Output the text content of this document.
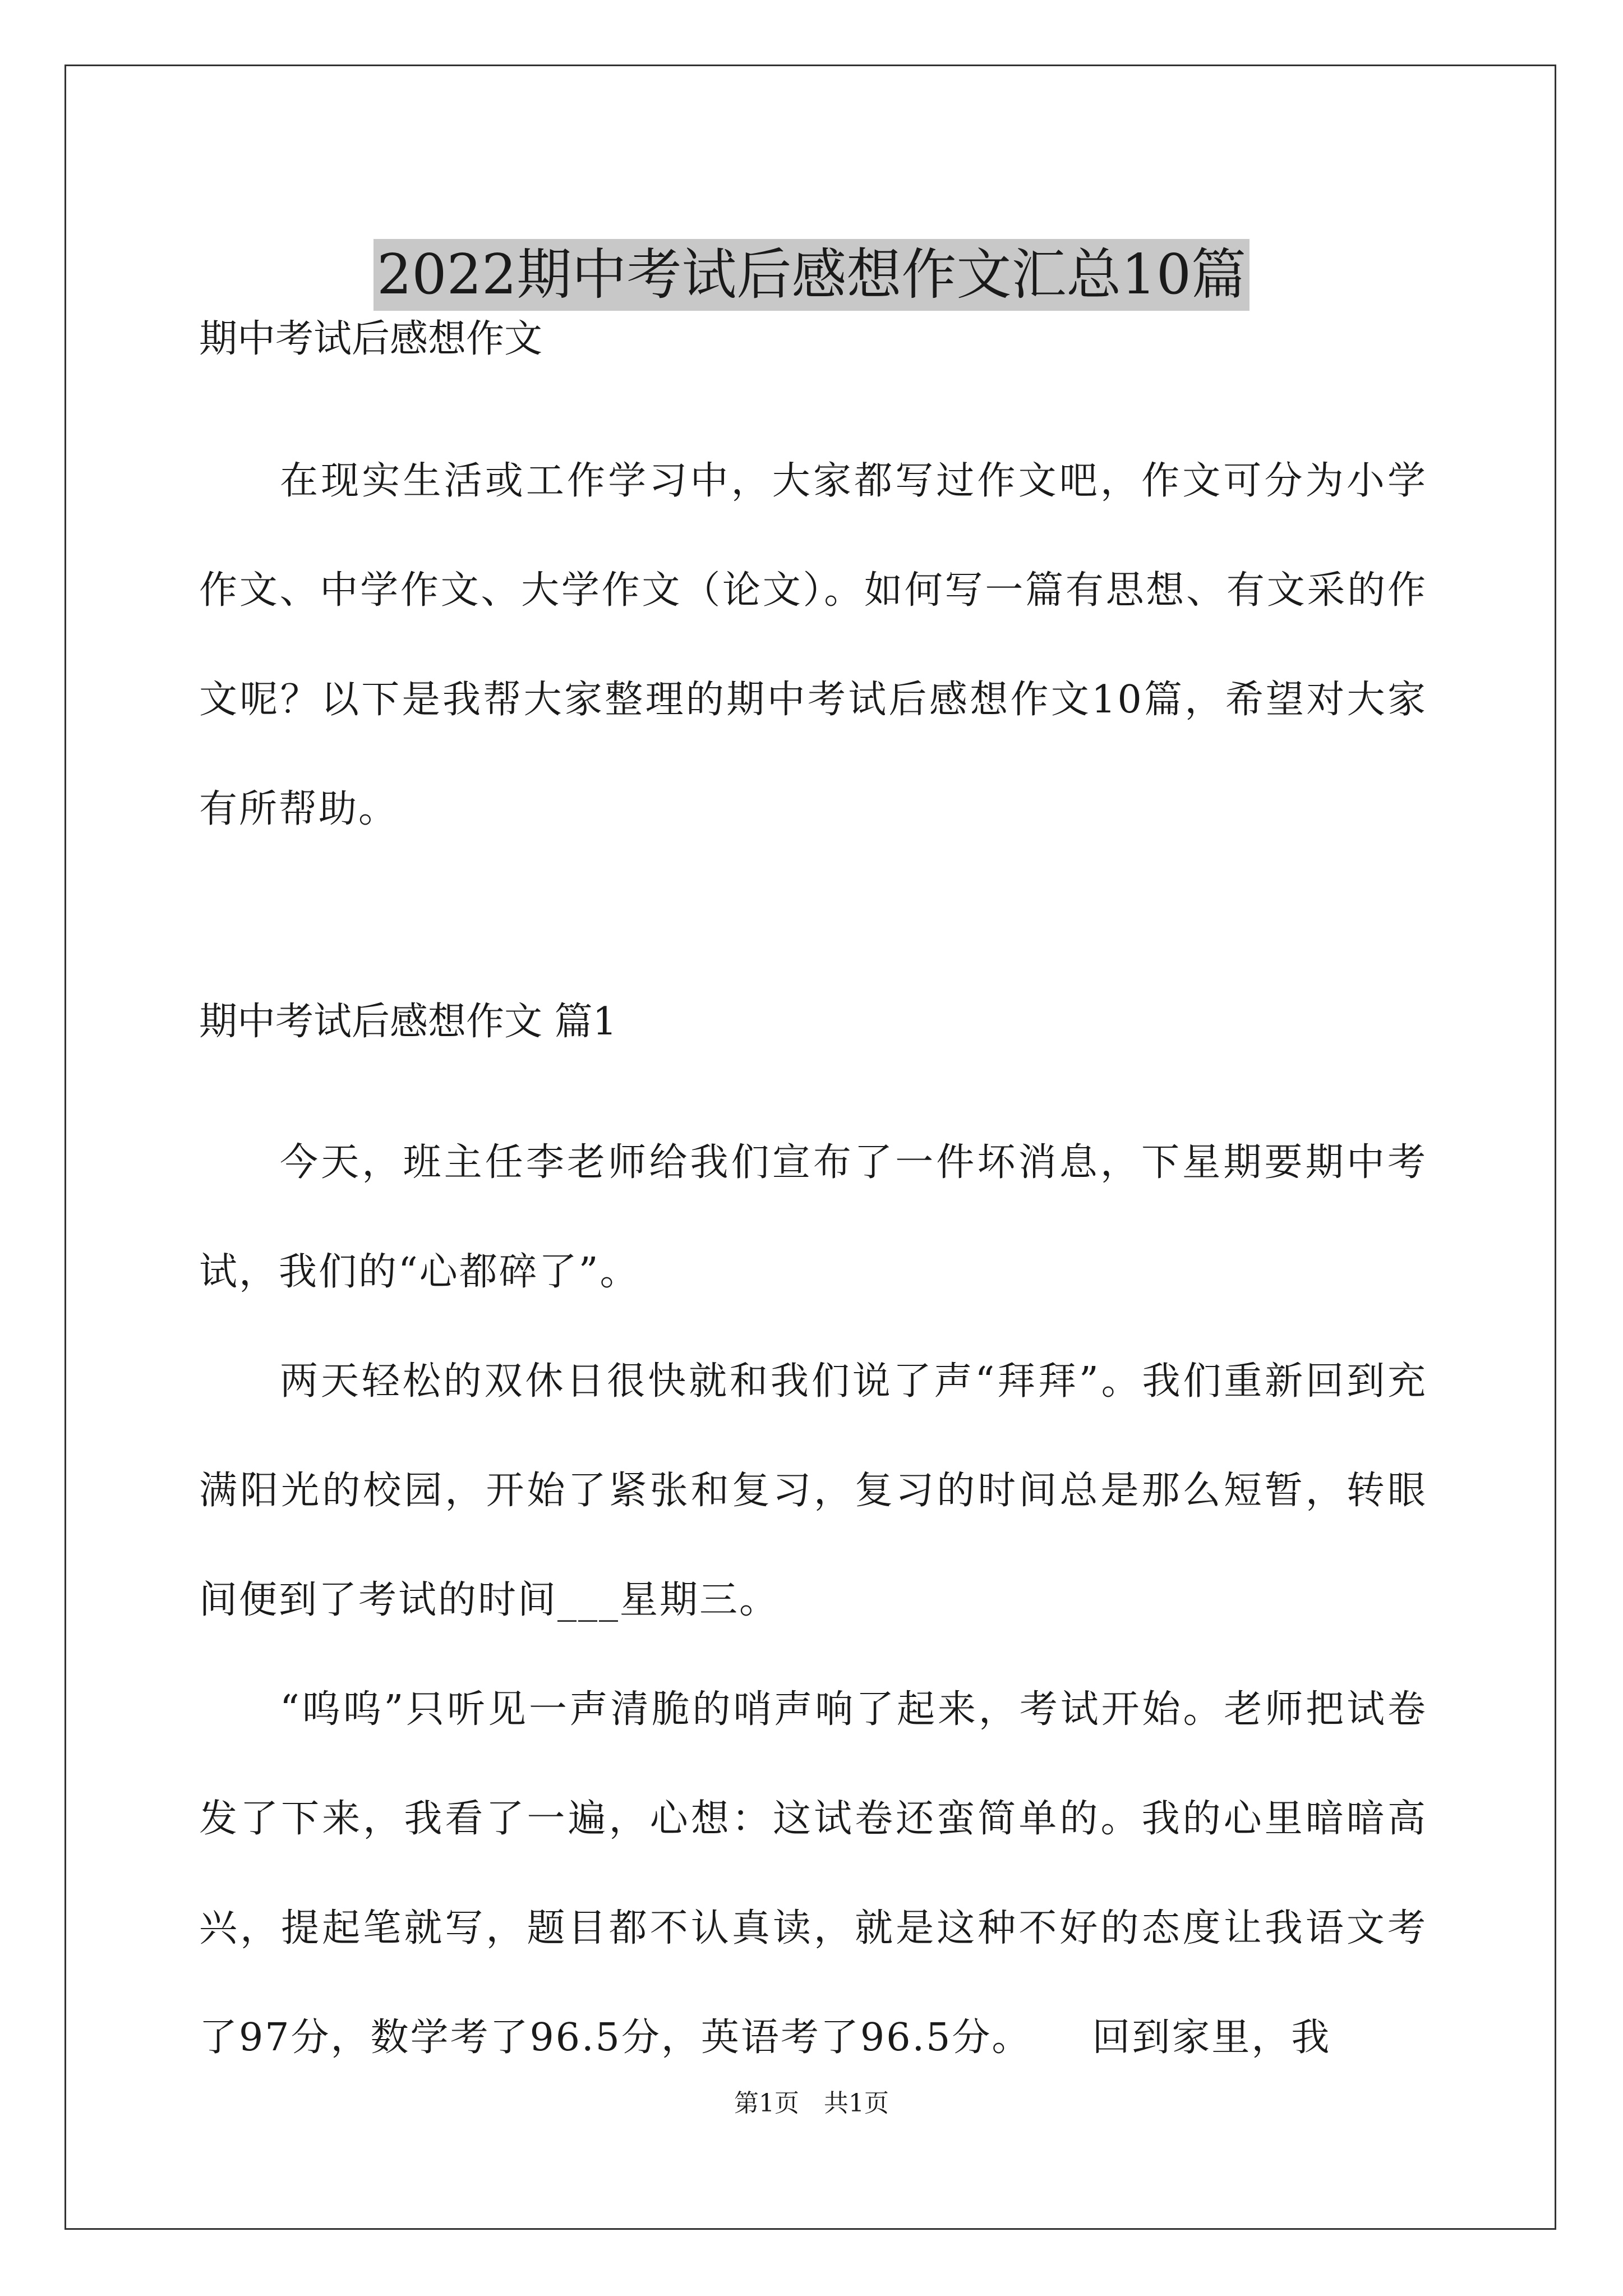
2022期中考试后感想作文汇总10篇
期中考试后感想作文

在现实生活或工作学习中，大家都写过作文吧，作文可分为小学作文、中学作文、大学作文（论文）。如何写一篇有思想、有文采的作文呢？以下是我帮大家整理的期中考试后感想作文10篇，希望对大家有所帮助。

期中考试后感想作文 篇1

今天，班主任李老师给我们宣布了一件坏消息，下星期要期中考试，我们的“心都碎了”。

两天轻松的双休日很快就和我们说了声“拜拜”。我们重新回到充满阳光的校园，开始了紧张和复习，复习的时间总是那么短暂，转眼间便到了考试的时间___星期三。

“呜呜”只听见一声清脆的哨声响了起来，考试开始。老师把试卷发了下来，我看了一遍，心想：这试卷还蛮简单的。我的心里暗暗高兴，提起笔就写，题目都不认真读，就是这种不好的态度让我语文考了97分，数学考了96.5分，英语考了96.5分。　　回到家里，我

第1页　共1页
